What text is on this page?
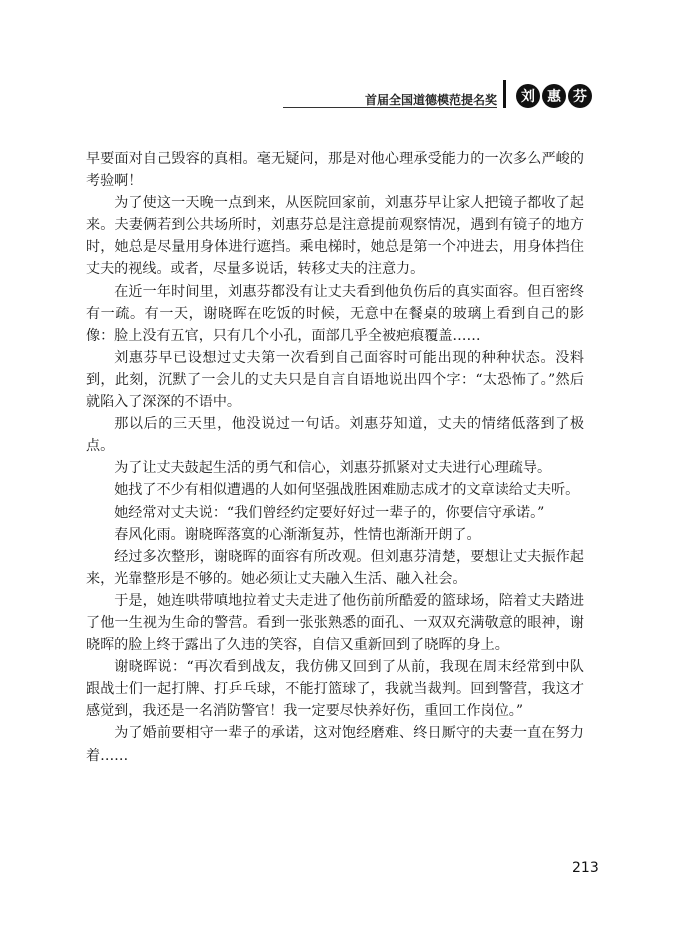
首届全国道德模范提名奖	刘 惠 芬

早要面对自己毁容的真相。毫无疑问，那是对他心理承受能力的一次多么严峻的考验啊！

为了使这一天晚一点到来，从医院回家前，刘惠芬早让家人把镜子都收了起来。夫妻俩若到公共场所时，刘惠芬总是注意提前观察情况，遇到有镜子的地方时，她总是尽量用身体进行遮挡。乘电梯时，她总是第一个冲进去，用身体挡住丈夫的视线。或者，尽量多说话，转移丈夫的注意力。

在近一年时间里，刘惠芬都没有让丈夫看到他负伤后的真实面容。但百密终有一疏。有一天，谢晓晖在吃饭的时候，无意中在餐桌的玻璃上看到自己的影像：脸上没有五官，只有几个小孔，面部几乎全被疤痕覆盖……

刘惠芬早已设想过丈夫第一次看到自己面容时可能出现的种种状态。没料到，此刻，沉默了一会儿的丈夫只是自言自语地说出四个字：“太恐怖了。”然后就陷入了深深的不语中。

那以后的三天里，他没说过一句话。刘惠芬知道，丈夫的情绪低落到了极点。

为了让丈夫鼓起生活的勇气和信心，刘惠芬抓紧对丈夫进行心理疏导。

她找了不少有相似遭遇的人如何坚强战胜困难励志成才的文章读给丈夫听。

她经常对丈夫说：“我们曾经约定要好好过一辈子的，你要信守承诺。”

春风化雨。谢晓晖落寞的心渐渐复苏，性情也渐渐开朗了。

经过多次整形，谢晓晖的面容有所改观。但刘惠芬清楚，要想让丈夫振作起来，光靠整形是不够的。她必须让丈夫融入生活、融入社会。

于是，她连哄带嗔地拉着丈夫走进了他伤前所酷爱的篮球场，陪着丈夫踏进了他一生视为生命的警营。看到一张张熟悉的面孔、一双双充满敬意的眼神，谢晓晖的脸上终于露出了久违的笑容，自信又重新回到了晓晖的身上。

谢晓晖说：“再次看到战友，我仿佛又回到了从前，我现在周末经常到中队跟战士们一起打牌、打乒乓球，不能打篮球了，我就当裁判。回到警营，我这才感觉到，我还是一名消防警官！我一定要尽快养好伤，重回工作岗位。”

为了婚前要相守一辈子的承诺，这对饱经磨难、终日厮守的夫妻一直在努力着……

213
